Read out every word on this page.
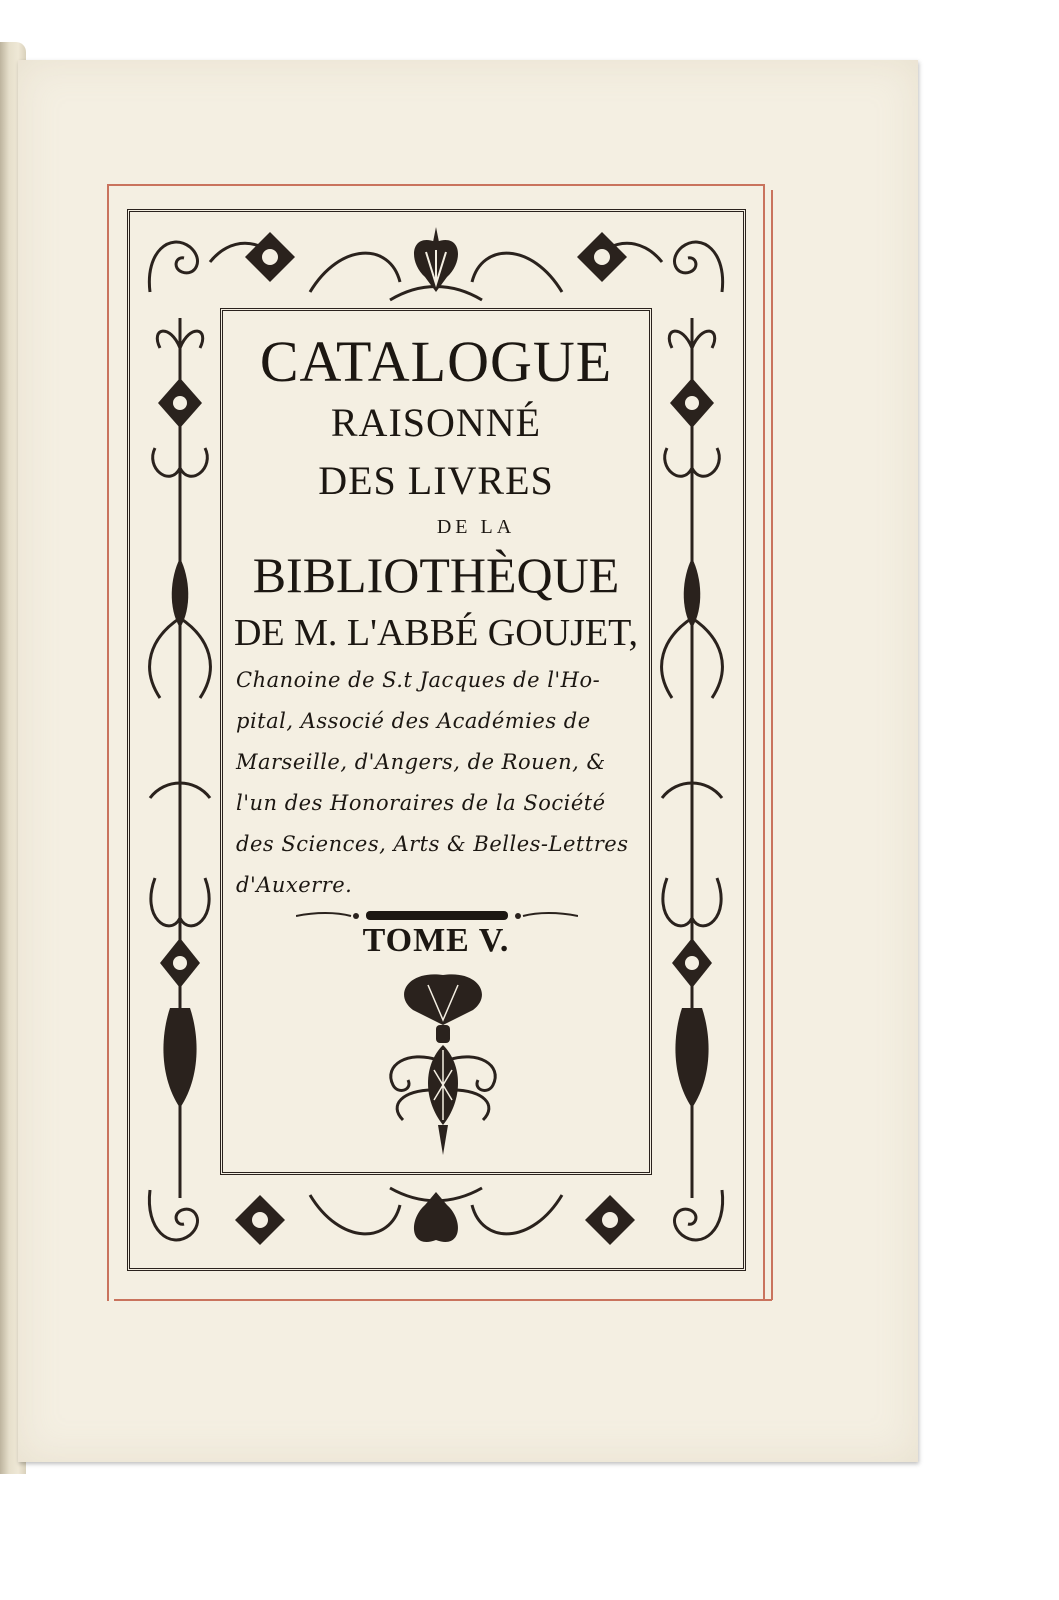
CATALOGUE

RAISONNÉ

DES LIVRES

DE LA

BIBLIOTHÈQUE

DE M. L'ABBÉ GOUJET,

Chanoine de S.t Jacques de l'Ho-

pital, Associé des Académies de

Marseille, d'Angers, de Rouen, &

l'un des Honoraires de la Société

des Sciences, Arts & Belles-Lettres

d'Auxerre.

TOME V.
